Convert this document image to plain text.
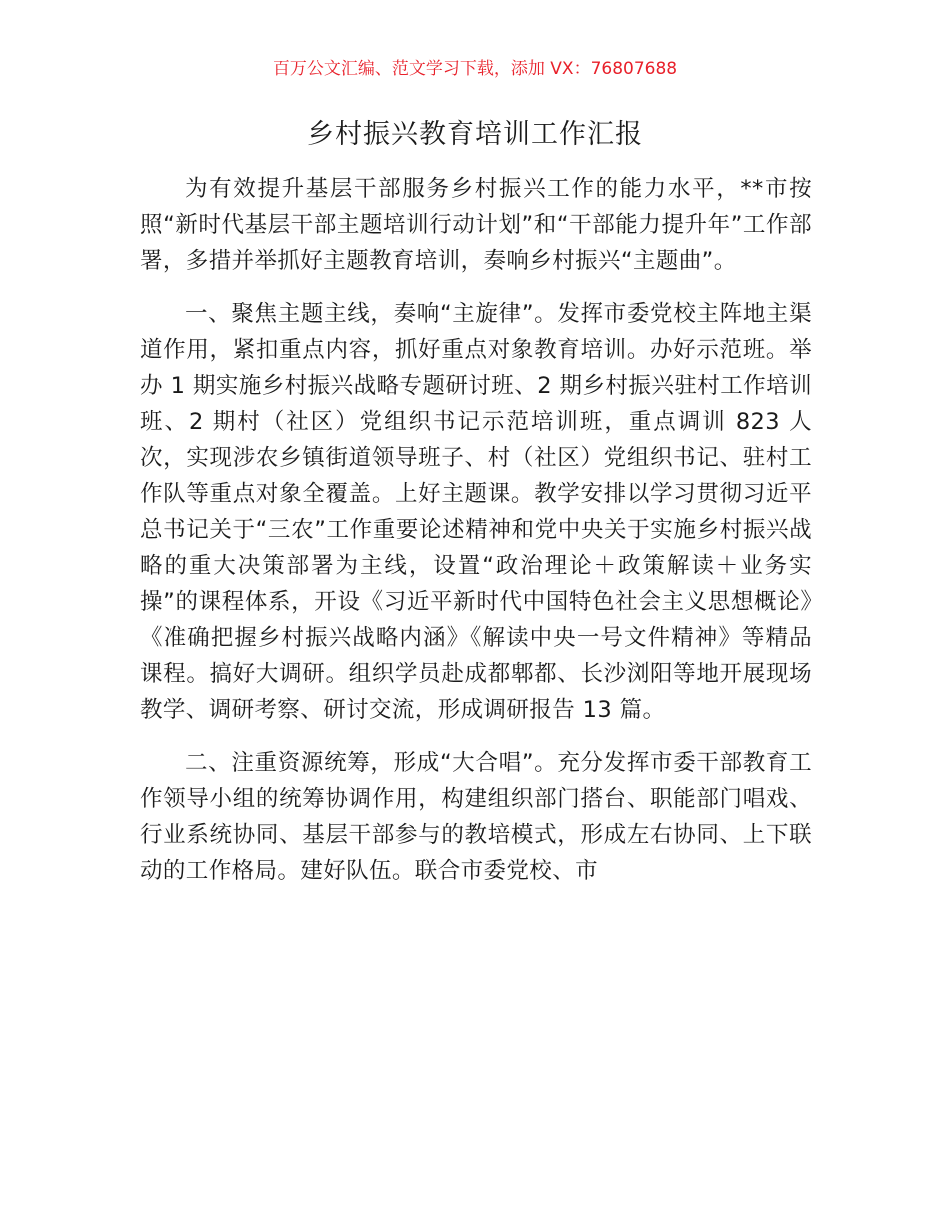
百万公文汇编、范文学习下载，添加 VX：76807688
乡村振兴教育培训工作汇报

为有效提升基层干部服务乡村振兴工作的能力水平，**市按照“新时代基层干部主题培训行动计划”和“干部能力提升年”工作部署，多措并举抓好主题教育培训，奏响乡村振兴“主题曲”。

一、聚焦主题主线，奏响“主旋律”。发挥市委党校主阵地主渠道作用，紧扣重点内容，抓好重点对象教育培训。办好示范班。举办 1 期实施乡村振兴战略专题研讨班、2 期乡村振兴驻村工作培训班、2 期村（社区）党组织书记示范培训班，重点调训 823 人次，实现涉农乡镇街道领导班子、村（社区）党组织书记、驻村工作队等重点对象全覆盖。上好主题课。教学安排以学习贯彻习近平总书记关于“三农”工作重要论述精神和党中央关于实施乡村振兴战略的重大决策部署为主线，设置“政治理论＋政策解读＋业务实操”的课程体系，开设《习近平新时代中国特色社会主义思想概论》《准确把握乡村振兴战略内涵》《解读中央一号文件精神》等精品课程。搞好大调研。组织学员赴成都郫都、长沙浏阳等地开展现场教学、调研考察、研讨交流，形成调研报告 13 篇。

二、注重资源统筹，形成“大合唱”。充分发挥市委干部教育工作领导小组的统筹协调作用，构建组织部门搭台、职能部门唱戏、行业系统协同、基层干部参与的教培模式，形成左右协同、上下联动的工作格局。建好队伍。联合市委党校、市
